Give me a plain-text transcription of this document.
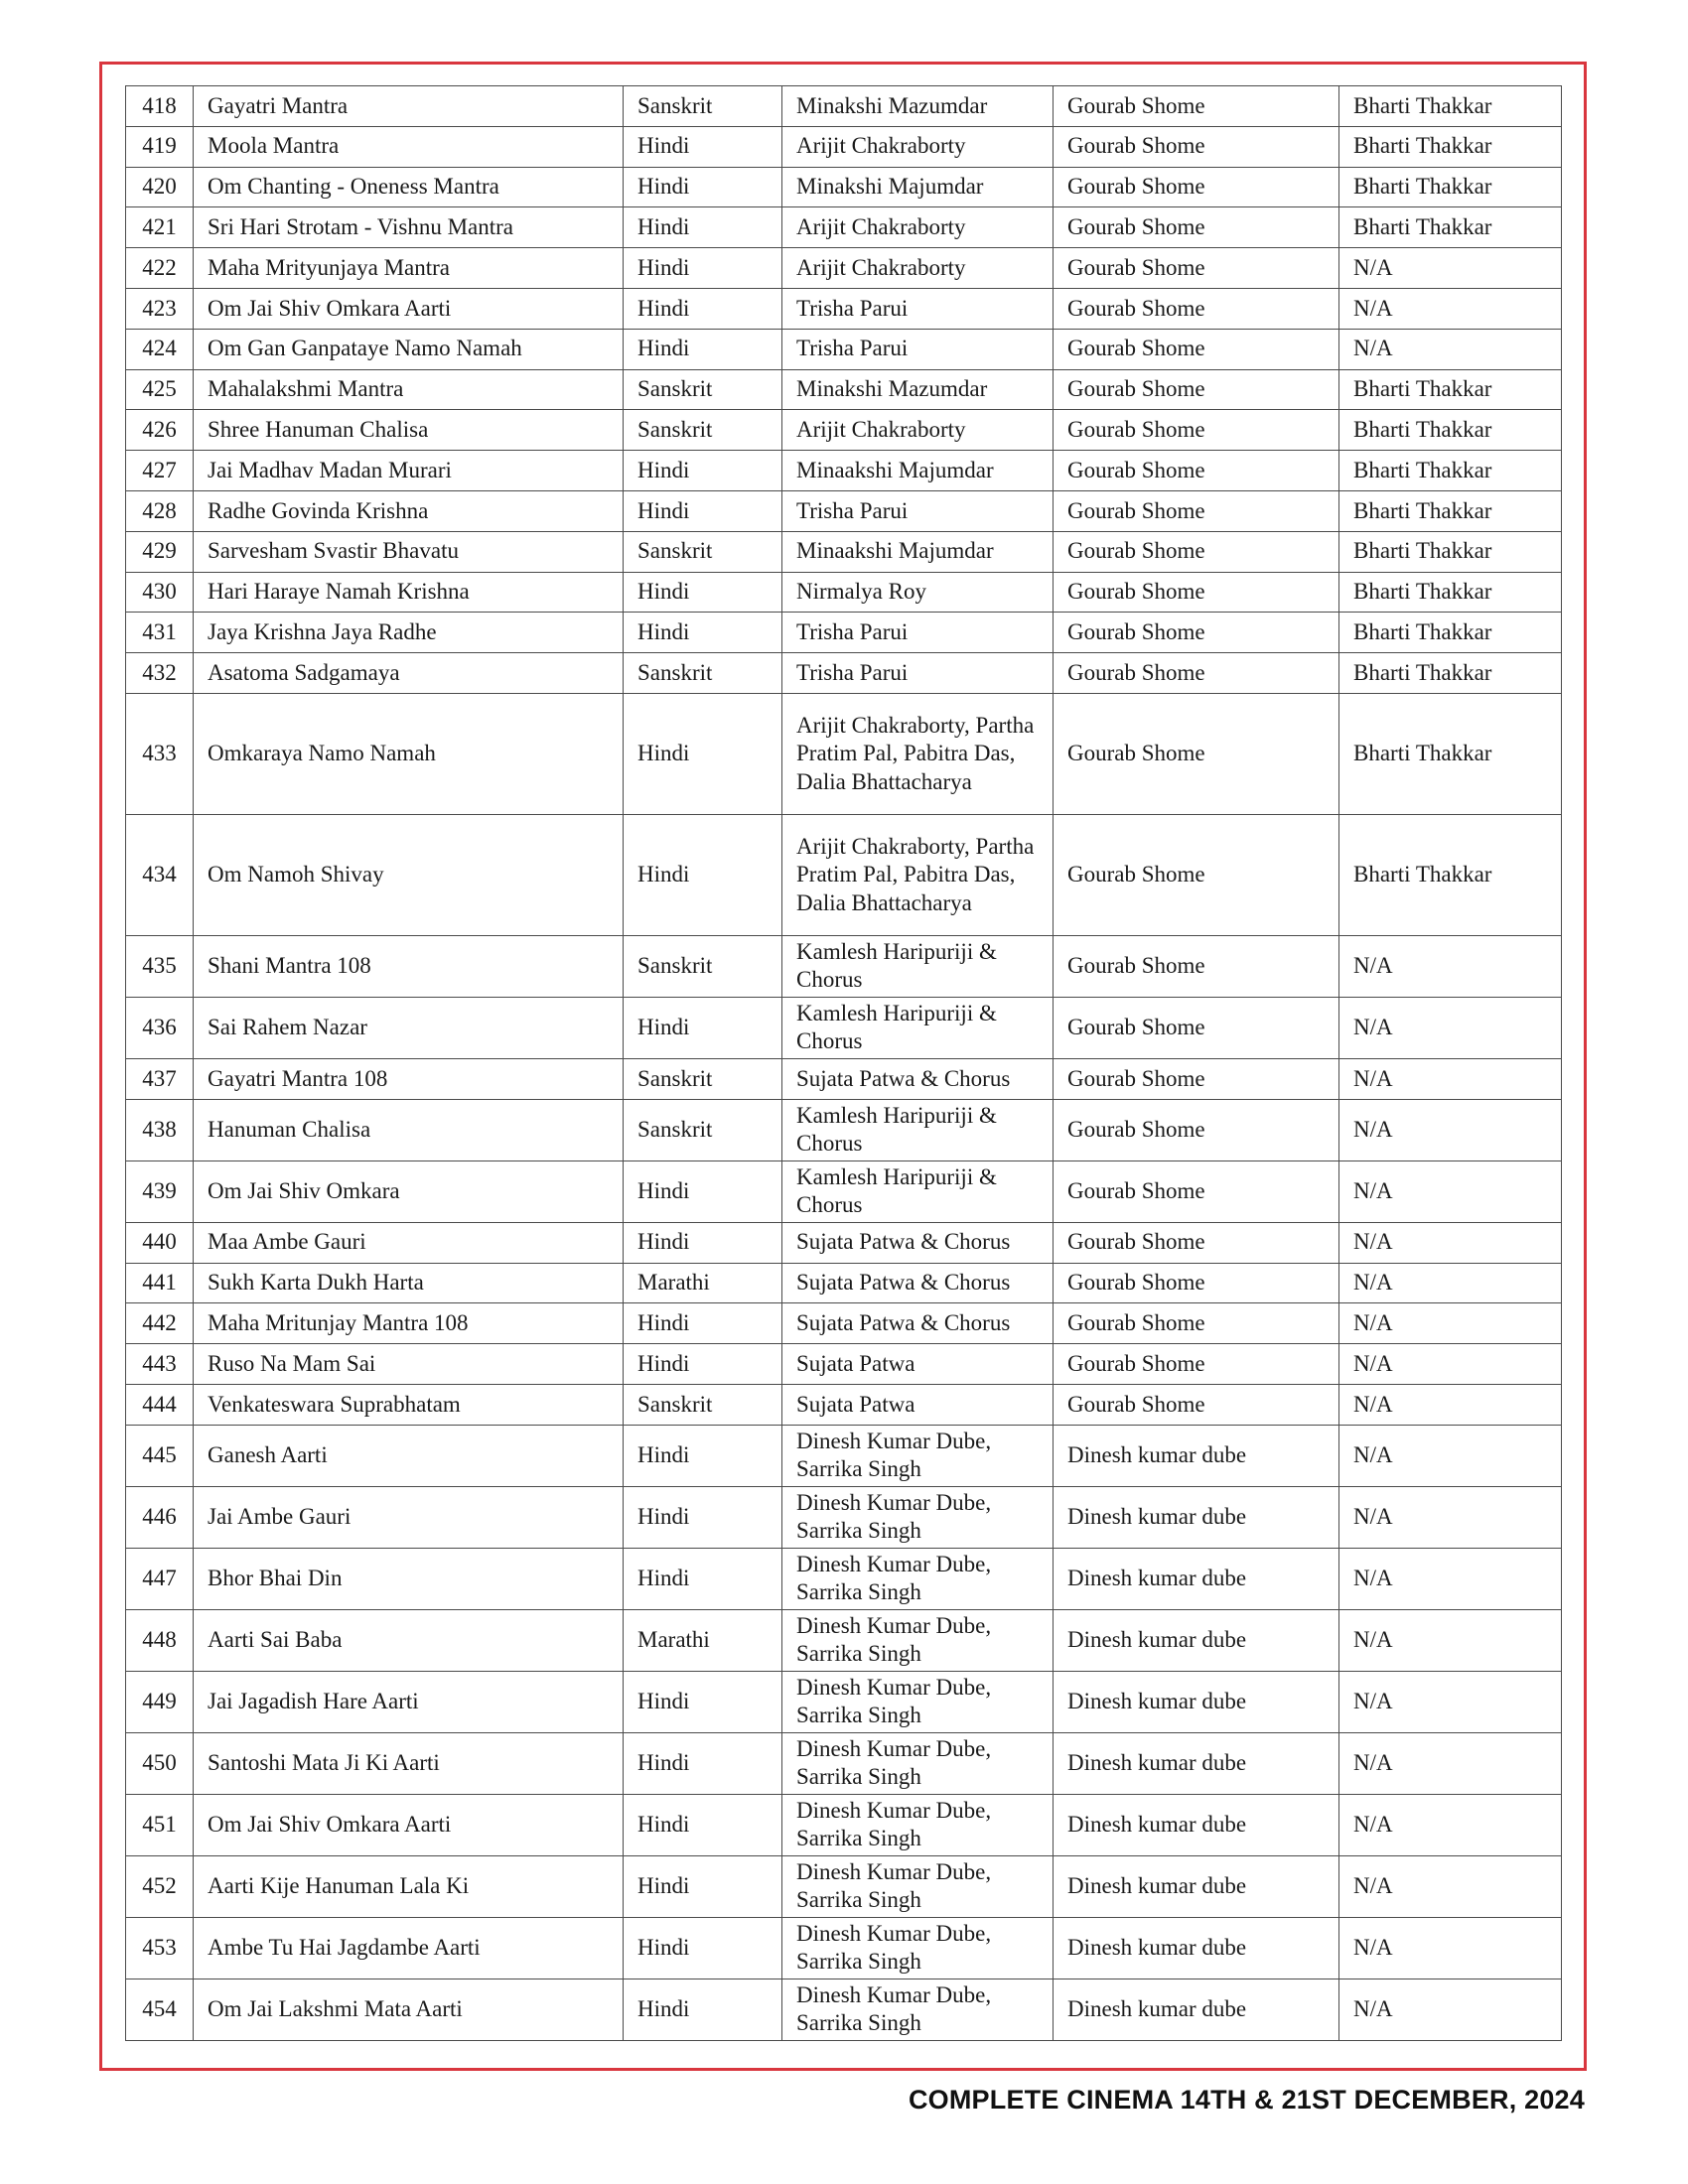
418	Gayatri Mantra	Sanskrit	Minakshi Mazumdar	Gourab Shome	Bharti Thakkar
419	Moola Mantra	Hindi	Arijit Chakraborty	Gourab Shome	Bharti Thakkar
420	Om Chanting - Oneness Mantra	Hindi	Minakshi Majumdar	Gourab Shome	Bharti Thakkar
421	Sri Hari Strotam - Vishnu Mantra	Hindi	Arijit Chakraborty	Gourab Shome	Bharti Thakkar
422	Maha Mrityunjaya Mantra	Hindi	Arijit Chakraborty	Gourab Shome	N/A
423	Om Jai Shiv Omkara Aarti	Hindi	Trisha Parui	Gourab Shome	N/A
424	Om Gan Ganpataye Namo Namah	Hindi	Trisha Parui	Gourab Shome	N/A
425	Mahalakshmi Mantra	Sanskrit	Minakshi Mazumdar	Gourab Shome	Bharti Thakkar
426	Shree Hanuman Chalisa	Sanskrit	Arijit Chakraborty	Gourab Shome	Bharti Thakkar
427	Jai Madhav Madan Murari	Hindi	Minaakshi Majumdar	Gourab Shome	Bharti Thakkar
428	Radhe Govinda Krishna	Hindi	Trisha Parui	Gourab Shome	Bharti Thakkar
429	Sarvesham Svastir Bhavatu	Sanskrit	Minaakshi Majumdar	Gourab Shome	Bharti Thakkar
430	Hari Haraye Namah Krishna	Hindi	Nirmalya Roy	Gourab Shome	Bharti Thakkar
431	Jaya Krishna Jaya Radhe	Hindi	Trisha Parui	Gourab Shome	Bharti Thakkar
432	Asatoma Sadgamaya	Sanskrit	Trisha Parui	Gourab Shome	Bharti Thakkar
433	Omkaraya Namo Namah	Hindi	Arijit Chakraborty, Partha Pratim Pal, Pabitra Das, Dalia Bhattacharya	Gourab Shome	Bharti Thakkar
434	Om Namoh Shivay	Hindi	Arijit Chakraborty, Partha Pratim Pal, Pabitra Das, Dalia Bhattacharya	Gourab Shome	Bharti Thakkar
435	Shani Mantra 108	Sanskrit	Kamlesh Haripuriji & Chorus	Gourab Shome	N/A
436	Sai Rahem Nazar	Hindi	Kamlesh Haripuriji & Chorus	Gourab Shome	N/A
437	Gayatri Mantra 108	Sanskrit	Sujata Patwa & Chorus	Gourab Shome	N/A
438	Hanuman Chalisa	Sanskrit	Kamlesh Haripuriji & Chorus	Gourab Shome	N/A
439	Om Jai Shiv Omkara	Hindi	Kamlesh Haripuriji & Chorus	Gourab Shome	N/A
440	Maa Ambe Gauri	Hindi	Sujata Patwa & Chorus	Gourab Shome	N/A
441	Sukh Karta Dukh Harta	Marathi	Sujata Patwa & Chorus	Gourab Shome	N/A
442	Maha Mritunjay Mantra 108	Hindi	Sujata Patwa & Chorus	Gourab Shome	N/A
443	Ruso Na Mam Sai	Hindi	Sujata Patwa	Gourab Shome	N/A
444	Venkateswara Suprabhatam	Sanskrit	Sujata Patwa	Gourab Shome	N/A
445	Ganesh Aarti	Hindi	Dinesh Kumar Dube, Sarrika Singh	Dinesh kumar dube	N/A
446	Jai Ambe Gauri	Hindi	Dinesh Kumar Dube, Sarrika Singh	Dinesh kumar dube	N/A
447	Bhor Bhai Din	Hindi	Dinesh Kumar Dube, Sarrika Singh	Dinesh kumar dube	N/A
448	Aarti Sai Baba	Marathi	Dinesh Kumar Dube, Sarrika Singh	Dinesh kumar dube	N/A
449	Jai Jagadish Hare Aarti	Hindi	Dinesh Kumar Dube, Sarrika Singh	Dinesh kumar dube	N/A
450	Santoshi Mata Ji Ki Aarti	Hindi	Dinesh Kumar Dube, Sarrika Singh	Dinesh kumar dube	N/A
451	Om Jai Shiv Omkara Aarti	Hindi	Dinesh Kumar Dube, Sarrika Singh	Dinesh kumar dube	N/A
452	Aarti Kije Hanuman Lala Ki	Hindi	Dinesh Kumar Dube, Sarrika Singh	Dinesh kumar dube	N/A
453	Ambe Tu Hai Jagdambe Aarti	Hindi	Dinesh Kumar Dube, Sarrika Singh	Dinesh kumar dube	N/A
454	Om Jai Lakshmi Mata Aarti	Hindi	Dinesh Kumar Dube, Sarrika Singh	Dinesh kumar dube	N/A
COMPLETE CINEMA 14TH & 21ST DECEMBER, 2024
